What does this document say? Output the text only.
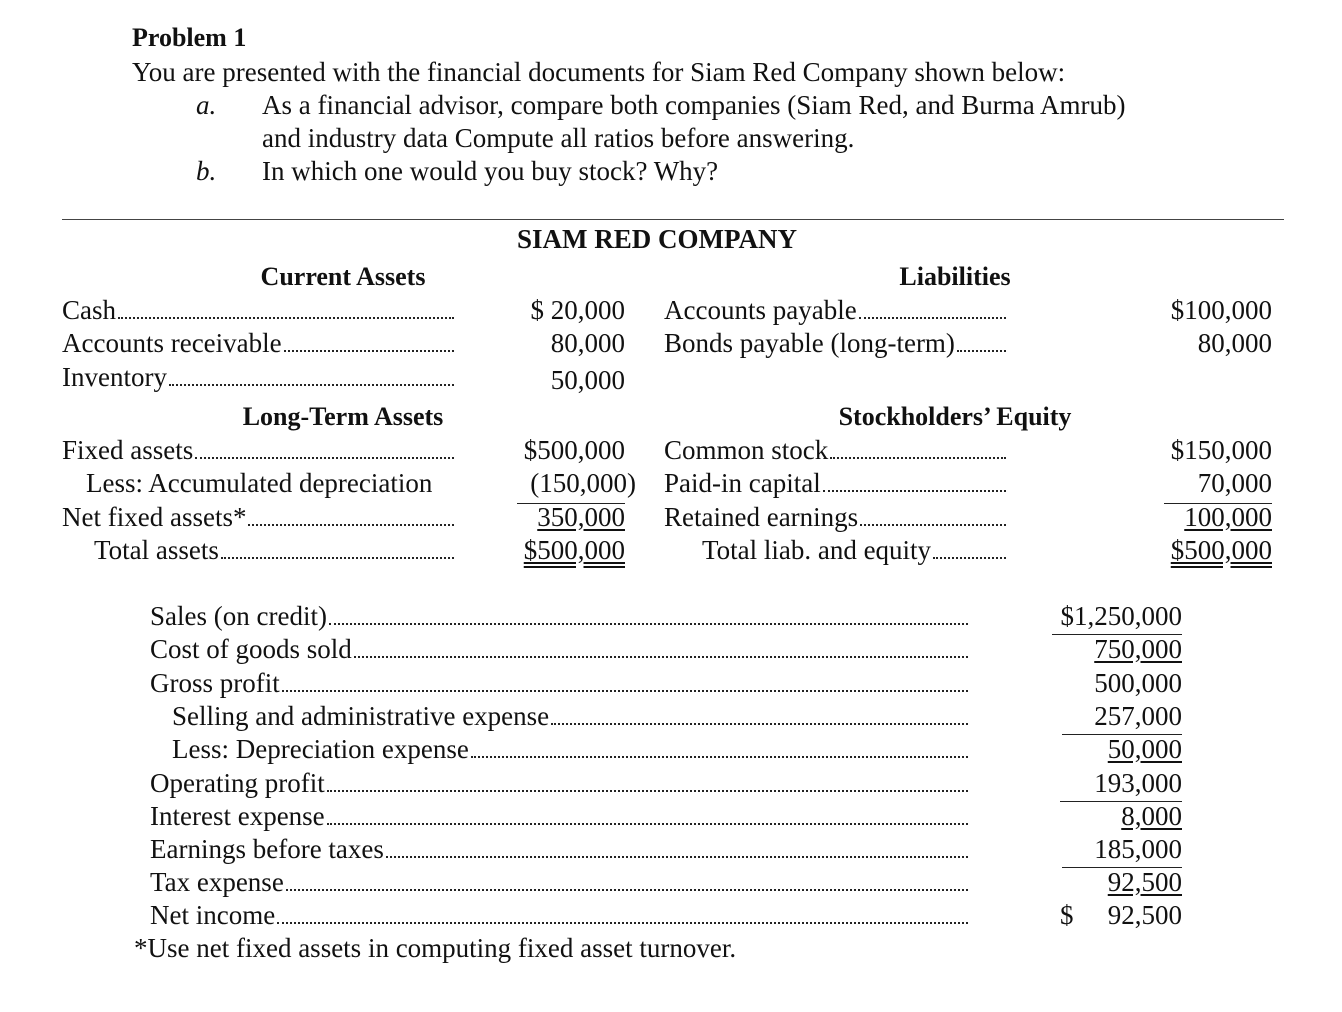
Problem 1
You are presented with the financial documents for Siam Red Company shown below:
a. As a financial advisor, compare both companies (Siam Red, and Burma Amrub)
and industry data Compute all ratios before answering.
b. In which one would you buy stock? Why?
SIAM RED COMPANY
Current Assets	Liabilities
Cash	$ 20,000
Accounts receivable	80,000
Inventory	50,000
Accounts payable	$100,000
Bonds payable (long-term)	80,000
Long-Term Assets	Stockholders’ Equity
Fixed assets	$500,000
Less: Accumulated depreciation	(150,000)
Net fixed assets*	350,000
Total assets	$500,000
Common stock	$150,000
Paid-in capital	70,000
Retained earnings	100,000
Total liab. and equity	$500,000
Sales (on credit)	$1,250,000
Cost of goods sold	750,000
Gross profit	500,000
Selling and administrative expense	257,000
Less: Depreciation expense	50,000
Operating profit	193,000
Interest expense	8,000
Earnings before taxes	185,000
Tax expense	92,500
Net income	$	92,500
*Use net fixed assets in computing fixed asset turnover.
